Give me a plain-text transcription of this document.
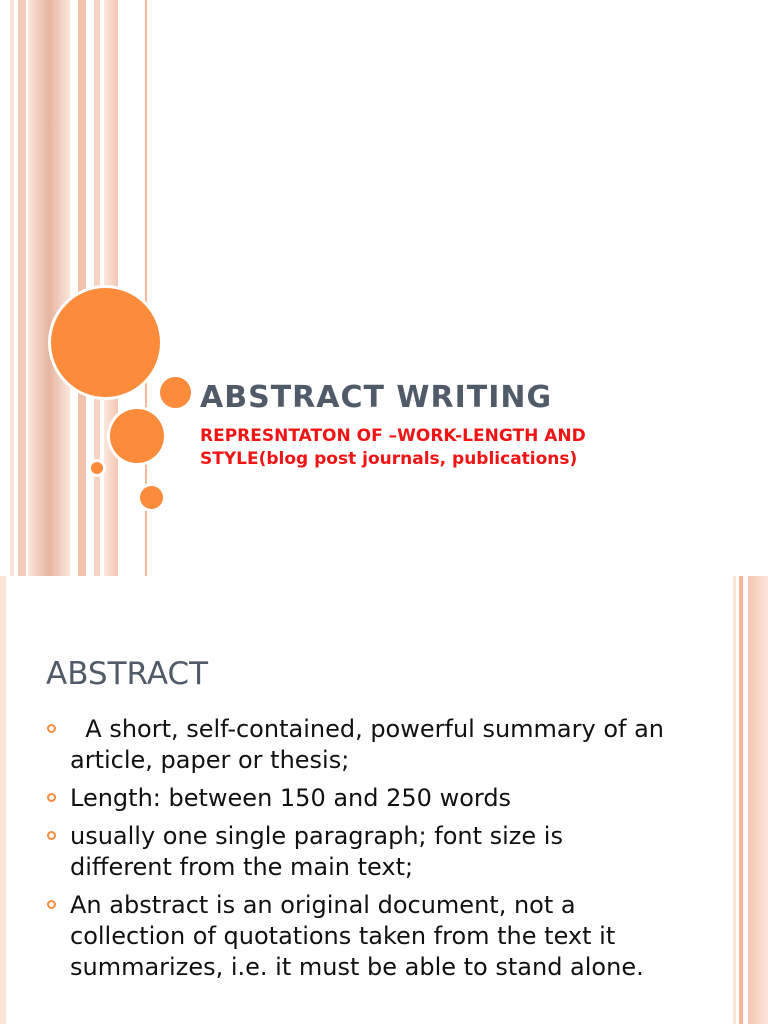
ABSTRACT WRITING
REPRESNTATON OF –WORK-LENGTH AND
STYLE(blog post journals, publications)
ABSTRACT
A short, self-contained, powerful summary of an article, paper or thesis;
Length: between 150 and 250 words
usually one single paragraph; font size is different from the main text;
An abstract is an original document, not a collection of quotations taken from the text it summarizes, i.e. it must be able to stand alone.
